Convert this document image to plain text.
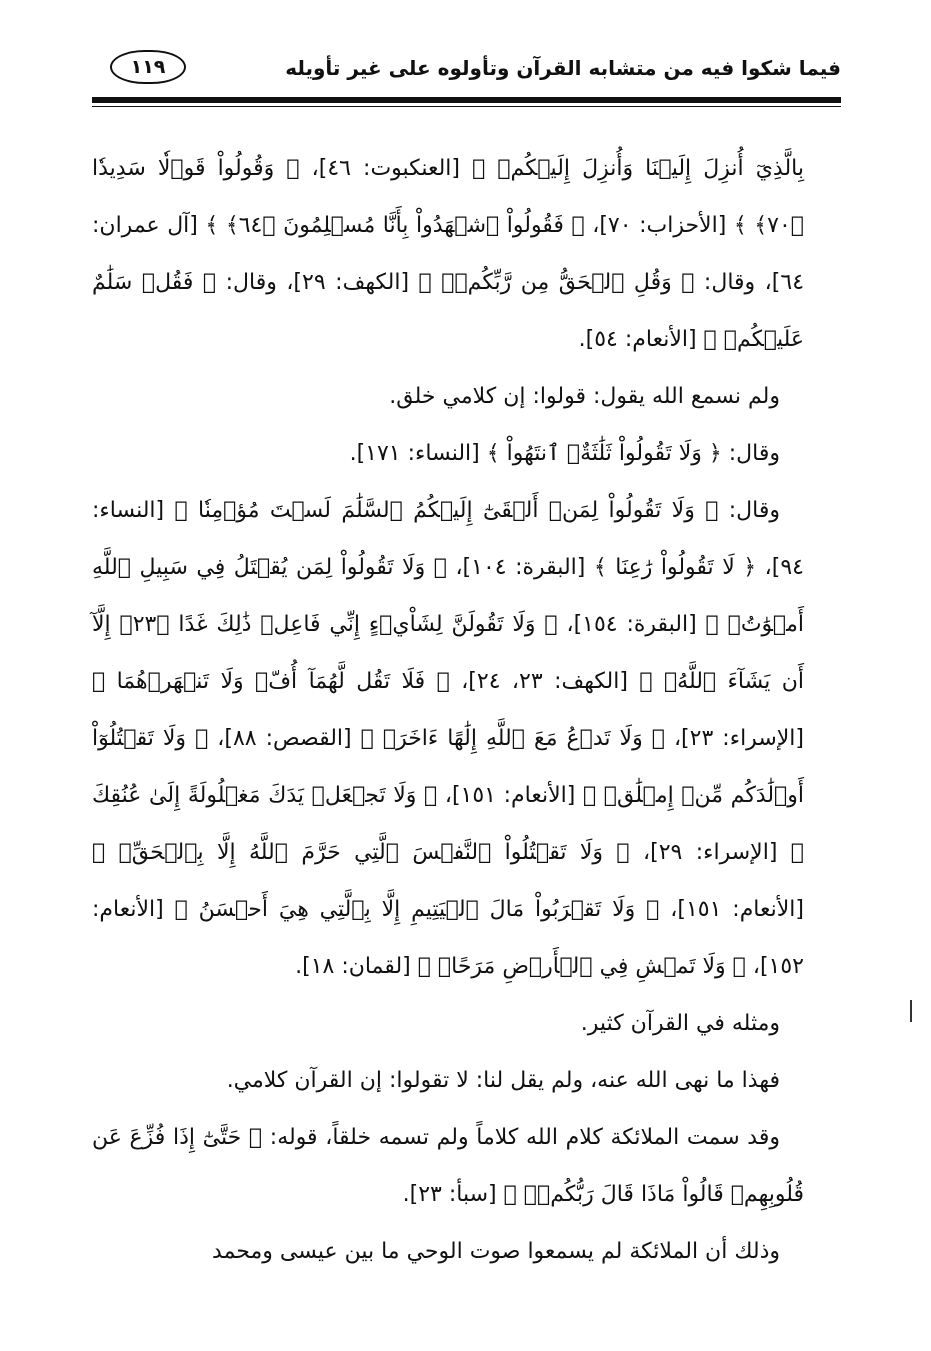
فيما شكوا فيه من متشابه القرآن وتأولوه على غير تأويله
١١٩

بِالَّذِيٓ أُنزِلَ إِلَيۡنَا وَأُنزِلَ إِلَيۡكُمۡ ﴾ [العنكبوت: ٤٦]، ﴿ وَقُولُواْ قَوۡلٗا سَدِيدٗا ﴿٧٠﴾ ﴾ [الأحزاب: ٧٠]، ﴿ فَقُولُواْ ٱشۡهَدُواْ بِأَنَّا مُسۡلِمُونَ ﴿٦٤﴾ ﴾ [آل عمران: ٦٤]، وقال: ﴿ وَقُلِ ٱلۡحَقُّ مِن رَّبِّكُمۡۖ ﴾ [الكهف: ٢٩]، وقال: ﴿ فَقُلۡ سَلَٰمٌ عَلَيۡكُمۡ ﴾ [الأنعام: ٥٤].

ولم نسمع الله يقول: قولوا: إن كلامي خلق.

وقال: ﴿ وَلَا تَقُولُواْ ثَلَٰثَةٌۚ ٱنتَهُواْ ﴾ [النساء: ١٧١].

وقال: ﴿ وَلَا تَقُولُواْ لِمَنۡ أَلۡقَىٰٓ إِلَيۡكُمُ ٱلسَّلَٰمَ لَسۡتَ مُؤۡمِنٗا ﴾ [النساء: ٩٤]، ﴿ لَا تَقُولُواْ رَٰعِنَا ﴾ [البقرة: ١٠٤]، ﴿ وَلَا تَقُولُواْ لِمَن يُقۡتَلُ فِي سَبِيلِ ٱللَّهِ أَمۡوَٰتُۢ ﴾ [البقرة: ١٥٤]، ﴿ وَلَا تَقُولَنَّ لِشَاْيۡءٍ إِنِّي فَاعِلٞ ذَٰلِكَ غَدًا ﴿٢٣﴾ إِلَّآ أَن يَشَآءَ ٱللَّهُۚ ﴾ [الكهف: ٢٣، ٢٤]، ﴿ فَلَا تَقُل لَّهُمَآ أُفّٖ وَلَا تَنۡهَرۡهُمَا ﴾ [الإسراء: ٢٣]، ﴿ وَلَا تَدۡعُ مَعَ ٱللَّهِ إِلَٰهًا ءَاخَرَۘ ﴾ [القصص: ٨٨]، ﴿ وَلَا تَقۡتُلُوٓاْ أَوۡلَٰدَكُم مِّنۡ إِمۡلَٰقٖ ﴾ [الأنعام: ١٥١]، ﴿ وَلَا تَجۡعَلۡ يَدَكَ مَغۡلُولَةً إِلَىٰ عُنُقِكَ ﴾ [الإسراء: ٢٩]، ﴿ وَلَا تَقۡتُلُواْ ٱلنَّفۡسَ ٱلَّتِي حَرَّمَ ٱللَّهُ إِلَّا بِٱلۡحَقِّۚ ﴾ [الأنعام: ١٥١]، ﴿ وَلَا تَقۡرَبُواْ مَالَ ٱلۡيَتِيمِ إِلَّا بِٱلَّتِي هِيَ أَحۡسَنُ ﴾ [الأنعام: ١٥٢]، ﴿ وَلَا تَمۡشِ فِي ٱلۡأَرۡضِ مَرَحًاۖ ﴾ [لقمان: ١٨].

ومثله في القرآن كثير.

فهذا ما نهى الله عنه، ولم يقل لنا: لا تقولوا: إن القرآن كلامي.

وقد سمت الملائكة كلام الله كلاماً ولم تسمه خلقاً، قوله: ﴿ حَتَّىٰٓ إِذَا فُزِّعَ عَن قُلُوبِهِمۡ قَالُواْ مَاذَا قَالَ رَبُّكُمۡۖ ﴾ [سبأ: ٢٣].

وذلك أن الملائكة لم يسمعوا صوت الوحي ما بين عيسى ومحمد
